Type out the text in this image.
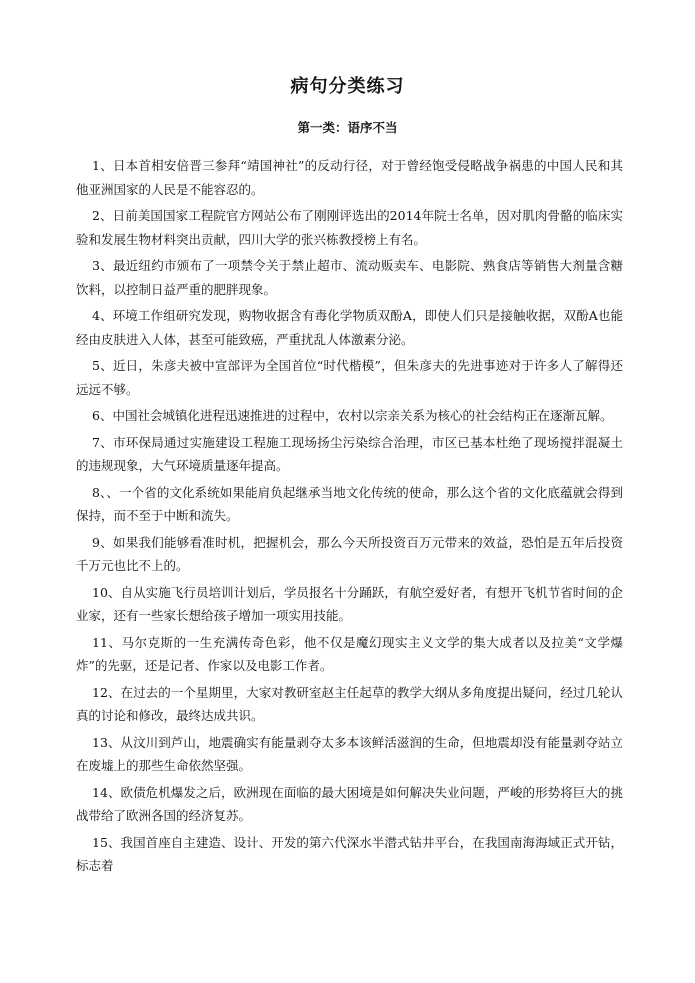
病句分类练习
第一类：语序不当
1、日本首相安倍晋三参拜“靖国神社”的反动行径，对于曾经饱受侵略战争祸患的中国人民和其他亚洲国家的人民是不能容忍的。
2、日前美国国家工程院官方网站公布了刚刚评选出的2014年院士名单，因对肌肉骨骼的临床实验和发展生物材料突出贡献，四川大学的张兴栋教授榜上有名。
3、最近纽约市颁布了一项禁令关于禁止超市、流动贩卖车、电影院、熟食店等销售大剂量含糖饮料，以控制日益严重的肥胖现象。
4、环境工作组研究发现，购物收据含有毒化学物质双酚A，即使人们只是接触收据，双酚A也能经由皮肤进入人体，甚至可能致癌，严重扰乱人体激素分泌。
5、近日，朱彦夫被中宣部评为全国首位“时代楷模”，但朱彦夫的先进事迹对于许多人了解得还远远不够。
6、中国社会城镇化进程迅速推进的过程中，农村以宗亲关系为核心的社会结构正在逐渐瓦解。
7、市环保局通过实施建设工程施工现场扬尘污染综合治理，市区已基本杜绝了现场搅拌混凝土的违规现象，大气环境质量逐年提高。
8、、一个省的文化系统如果能肩负起继承当地文化传统的使命，那么这个省的文化底蕴就会得到保持，而不至于中断和流失。
9、如果我们能够看准时机，把握机会，那么今天所投资百万元带来的效益，恐怕是五年后投资千万元也比不上的。
10、自从实施飞行员培训计划后，学员报名十分踊跃，有航空爱好者，有想开飞机节省时间的企业家，还有一些家长想给孩子增加一项实用技能。
11、马尔克斯的一生充满传奇色彩，他不仅是魔幻现实主义文学的集大成者以及拉美“文学爆炸”的先驱，还是记者、作家以及电影工作者。
12、在过去的一个星期里，大家对教研室赵主任起草的教学大纲从多角度提出疑问，经过几轮认真的讨论和修改，最终达成共识。
13、从汶川到芦山，地震确实有能量剥夺太多本该鲜活滋润的生命，但地震却没有能量剥夺站立在废墟上的那些生命依然坚强。
14、欧债危机爆发之后，欧洲现在面临的最大困境是如何解决失业问题，严峻的形势将巨大的挑战带给了欧洲各国的经济复苏。
15、我国首座自主建造、设计、开发的第六代深水半潜式钻井平台，在我国南海海域正式开钻，标志着
